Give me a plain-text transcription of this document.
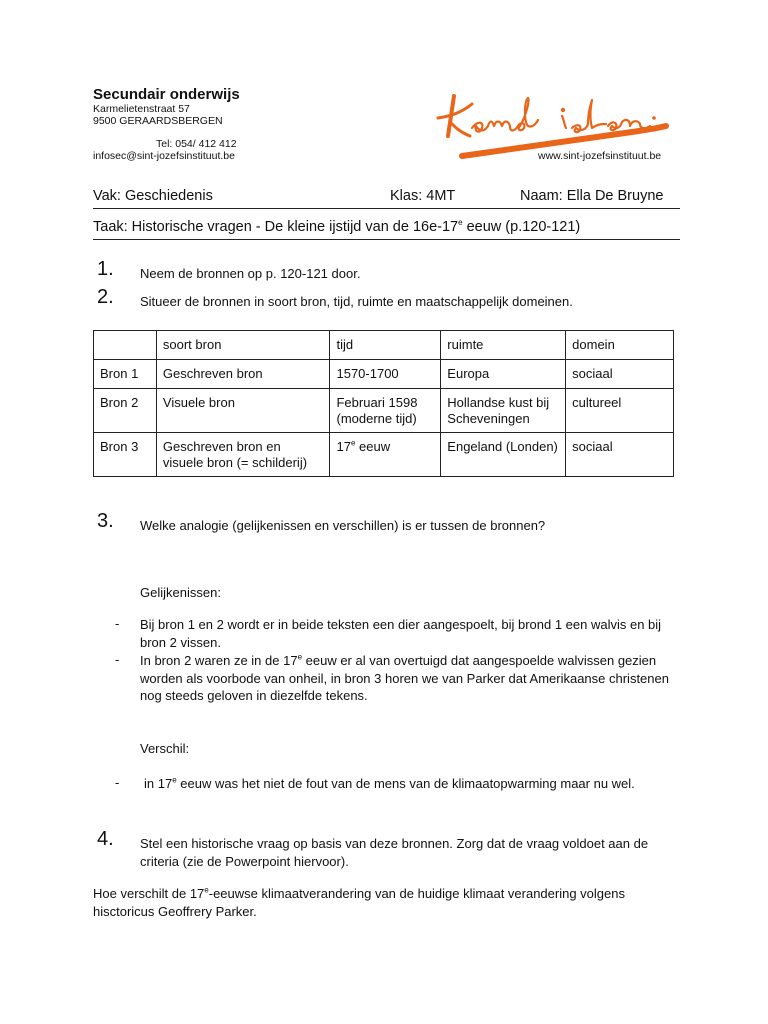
Secundair onderwijs
Karmelietenstraat 57
9500 GERAARDSBERGEN
Tel: 054/ 412 412
infosec@sint-jozefsinstituut.be	www.sint-jozefsinstituut.be
Vak: Geschiedenis	Klas: 4MT	Naam: Ella De Bruyne
Taak: Historische vragen - De kleine ijstijd van de 16e-17e eeuw (p.120-121)
1. Neem de bronnen op p. 120-121 door.
2. Situeer de bronnen in soort bron, tijd, ruimte en maatschappelijk domeinen.
	soort bron	tijd	ruimte	domein
Bron 1	Geschreven bron	1570-1700	Europa	sociaal
Bron 2	Visuele bron	Februari 1598 (moderne tijd)	Hollandse kust bij Scheveningen	cultureel
Bron 3	Geschreven bron en visuele bron (= schilderij)	17e eeuw	Engeland (Londen)	sociaal
3. Welke analogie (gelijkenissen en verschillen) is er tussen de bronnen?
Gelijkenissen:
- Bij bron 1 en 2 wordt er in beide teksten een dier aangespoelt, bij brond 1 een walvis en bij bron 2 vissen.
- In bron 2 waren ze in de 17e eeuw er al van overtuigd dat aangespoelde walvissen gezien worden als voorbode van onheil, in bron 3 horen we van Parker dat Amerikaanse christenen nog steeds geloven in diezelfde tekens.
Verschil:
-	in 17e eeuw was het niet de fout van de mens van de klimaatopwarming maar nu wel.
4. Stel een historische vraag op basis van deze bronnen. Zorg dat de vraag voldoet aan de criteria (zie de Powerpoint hiervoor).
Hoe verschilt de 17e-eeuwse klimaatverandering van de huidige klimaat verandering volgens hisctoricus Geoffrery Parker.
